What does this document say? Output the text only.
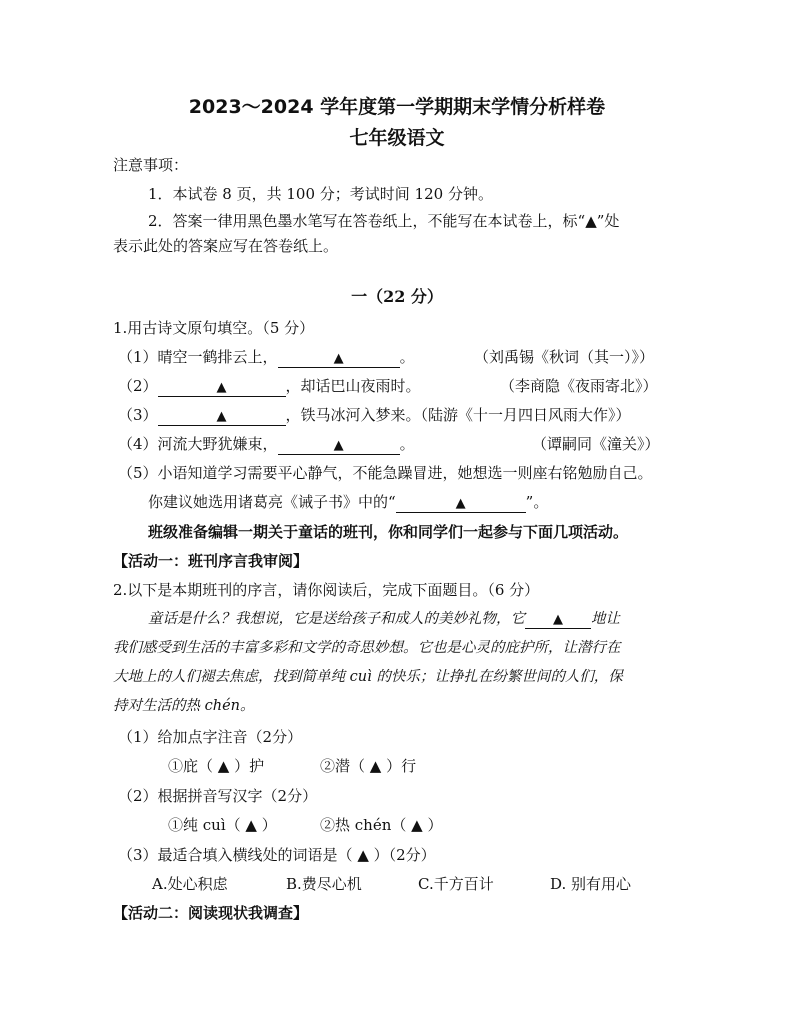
2023～2024 学年度第一学期期末学情分析样卷
七年级语文
注意事项：
1．本试卷 8 页，共 100 分；考试时间 120 分钟。
2．答案一律用黑色墨水笔写在答卷纸上，不能写在本试卷上，标“▲”处
表示此处的答案应写在答卷纸上。
一（22 分）
1.用古诗文原句填空。（5 分）
（1）晴空一鹤排云上，	▲	。	（刘禹锡《秋词（其一）》）
（2）	▲	，却话巴山夜雨时。	（李商隐《夜雨寄北》）
（3）	▲	，铁马冰河入梦来。（陆游《十一月四日风雨大作》）
（4）河流大野犹嫌束，	▲	。	（谭嗣同《潼关》）
（5）小语知道学习需要平心静气，不能急躁冒进，她想选一则座右铭勉励自己。
你建议她选用诸葛亮《诫子书》中的“	▲	”。
班级准备编辑一期关于童话的班刊，你和同学们一起参与下面几项活动。
【活动一：班刊序言我审阅】
2.以下是本期班刊的序言，请你阅读后，完成下面题目。（6 分）
童话是什么？我想说，它是送给孩子和成人的美妙礼物，它 ▲ 地让
我们感受到生活的丰富多彩和文学的奇思妙想。它也是心灵的庇护所，让潜行在
大地上的人们褪去焦虑，找到简单纯 cuì 的快乐；让挣扎在纷繁世间的人们，保
持对生活的热 chén。
（1）给加点字注音（2分）
①庇（ ▲ ）护	②潜（ ▲ ）行
（2）根据拼音写汉字（2分）
①纯 cuì（ ▲ ）	②热 chén（ ▲ ）
（3）最适合填入横线处的词语是（ ▲ ）（2分）
A.处心积虑	B.费尽心机	C.千方百计	D. 别有用心
【活动二：阅读现状我调查】
